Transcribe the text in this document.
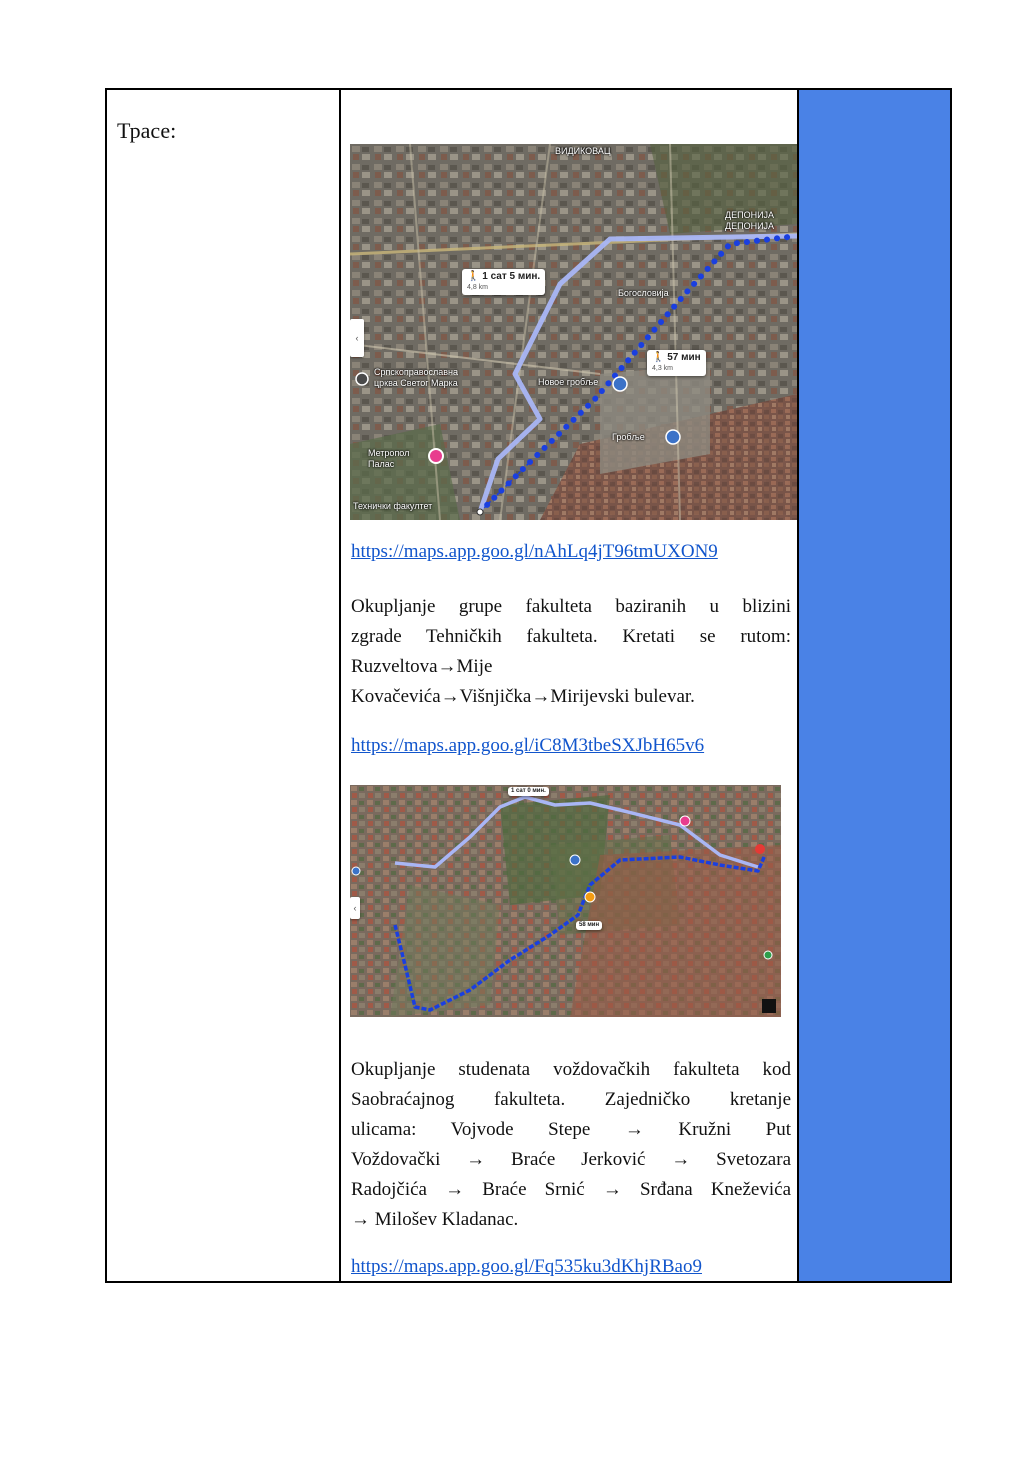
Трасе:
‹
ВИДИКОВАЦ
ДЕПОНИЈА
ДЕПОНИЈА
Српскоправославна
црква Светог Марка	Новое гробље
Метропол
Палас
Технички факултет
Гробље
Богословија
🚶 1 сат 5 мин.
4,8 km
🚶 57 мин
4,3 km
https://maps.app.goo.gl/nAhLq4jT96tmUXON9
Okupljanje grupe fakulteta baziranih u blizini
zgrade Tehničkih fakulteta. Kretati se rutom:
Ruzveltova→Mije
Kovačevića→Višnjička→Mirijevski bulevar.
https://maps.app.goo.gl/iC8M3tbeSXJbH65v6
‹
1 сат 0 мин.
58 мин
Okupljanje studenata voždovačkih fakulteta kod
Saobraćajnog fakulteta. Zajedničko kretanje
ulicama: Vojvode Stepe → Kružni Put
Voždovački → Braće Jerković → Svetozara
Radojčića → Braće Srnić → Srđana Kneževića
→ Milošev Kladanac.
https://maps.app.goo.gl/Fq535ku3dKhjRBao9
